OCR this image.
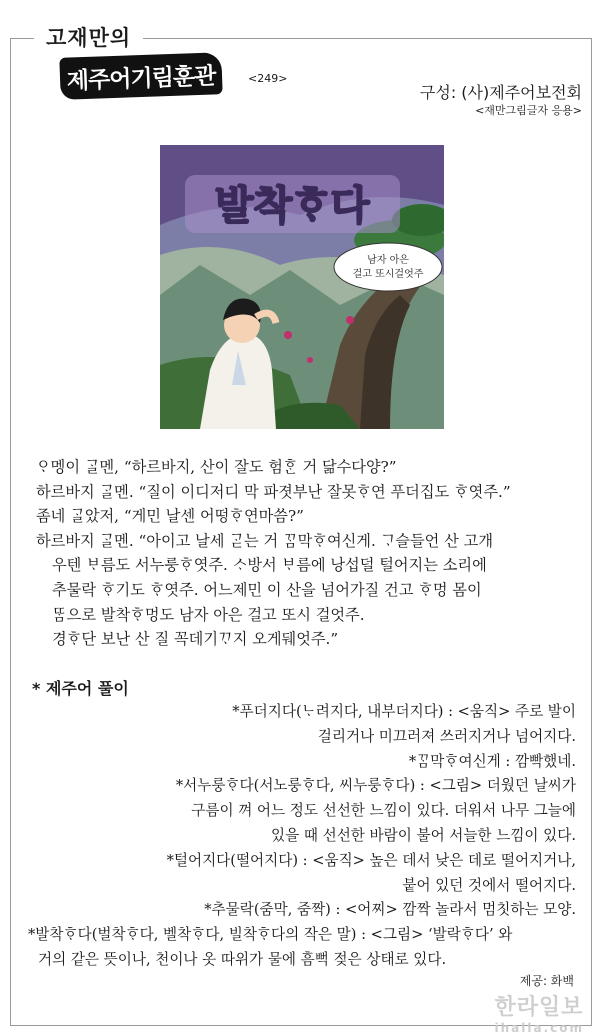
고재만의
제주어기림훈관	<249>
구성: (사)제주어보전회
<재만그림글자 응용>
발착ᄒᆞ다
남자 아은
걸고 또시걸엇주

ᄋᆞ멩이 ᄀᆞᆯ멘, “하르바지, 산이 잘도 험ᄒᆞᆫ 거 닮수다양?”

하르바지 ᄀᆞᆯ멘. “질이 이디저디 막 파졋부난 잘못ᄒᆞ연 푸더집도 ᄒᆞ엿주.”

좀네 ᄀᆞᆯ았저, “게민 날센 어떵ᄒᆞ연마씀?”

하르바지 ᄀᆞᆯ멘. “아이고 날세 ᄀᆞᆮ는 거 ᄁᆞᆷ막ᄒᆞ여신게. ᄀᆞ슬들언 산 고개

우텐 ᄇᆞ름도 서누룽ᄒᆞ엿주. ᄉᆞ방서 ᄇᆞ름에 낭섭덜 털어지는 소리에

추물락 ᄒᆞ기도 ᄒᆞ엿주. 어느제민 이 산을 넘어가질 건고 ᄒᆞ멍 몸이

ᄄᆞᆷ으로 발착ᄒᆞ멍도 남자 아은 걸고 또시 걸엇주.

경ᄒᆞ단 보난 산 질 꼭데기ᄁᆞ지 오게뒈엇주.”

* 제주어 풀이

*푸더지다(ᄂᆞ려지다, 내부더지다) : <움직> 주로 발이

걸리거나 미끄러져 쓰러지거나 넘어지다.

*ᄁᆞᆷ막ᄒᆞ여신게 : 깜빡했네.

*서누룽ᄒᆞ다(서노룽ᄒᆞ다, 씨누룽ᄒᆞ다) : <그림> 더웠던 날씨가

구름이 껴 어느 정도 선선한 느낌이 있다. 더워서 나무 그늘에

있을 때 선선한 바람이 불어 서늘한 느낌이 있다.

*털어지다(떨어지다) : <움직> 높은 데서 낮은 데로 떨어지거나,

붙어 있던 것에서 떨어지다.

*추물락(줌막, 줌짝) : <어찌> 깜짝 놀라서 멈칫하는 모양.

*발착ᄒᆞ다(벌착ᄒᆞ다, 벨착ᄒᆞ다, 빌착ᄒᆞ다의 작은 말) : <그림> ‘발락ᄒᆞ다’ 와

거의 같은 뜻이나, 천이나 옷 따위가 물에 흠뻑 젖은 상태로 있다.

제공: 화백
한라일보
ihalla.com
